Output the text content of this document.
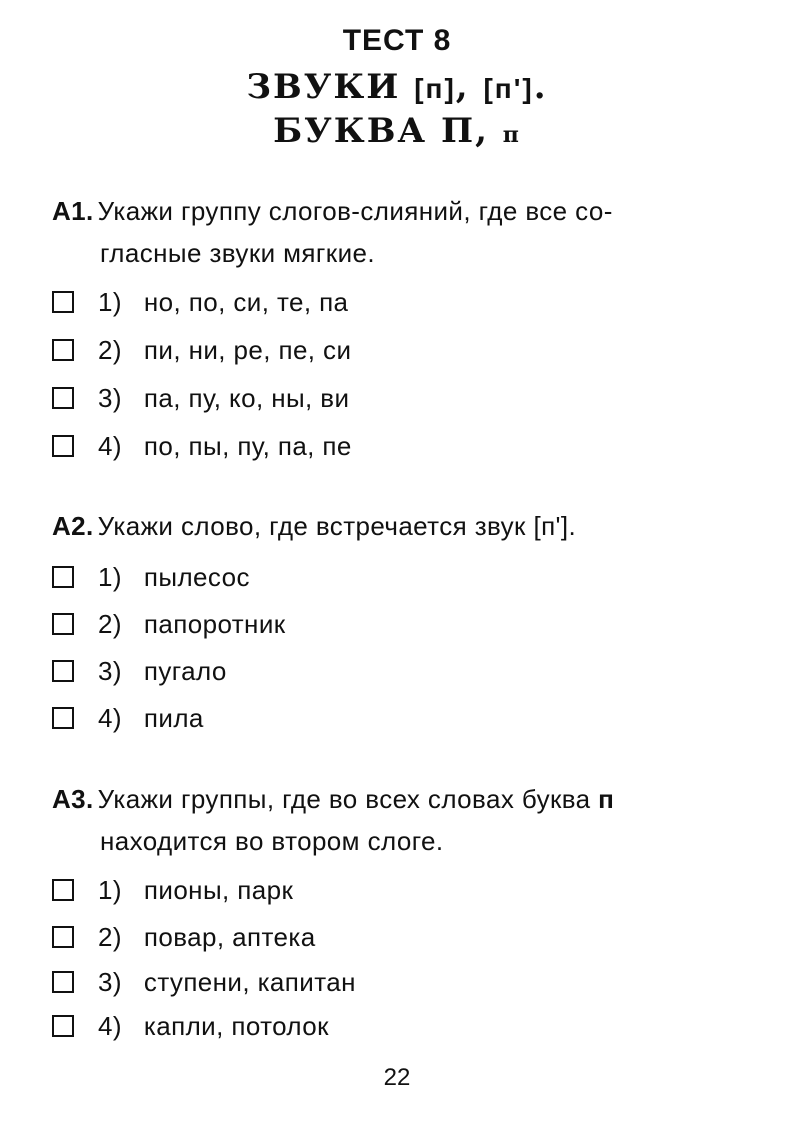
ТЕСТ 8
ЗВУКИ [п], [п'].
БУКВА П, п
А1. Укажи группу слогов-слияний, где все со-
гласные звуки мягкие.
1) но, по, си, те, па
2) пи, ни, ре, пе, си
3) па, пу, ко, ны, ви
4) по, пы, пу, па, пе
А2. Укажи слово, где встречается звук [п'].
1) пылесос
2) папоротник
3) пугало
4) пила
А3. Укажи группы, где во всех словах буква п
находится во втором слоге.
1) пионы, парк
2) повар, аптека
3) ступени, капитан
4) капли, потолок
22
